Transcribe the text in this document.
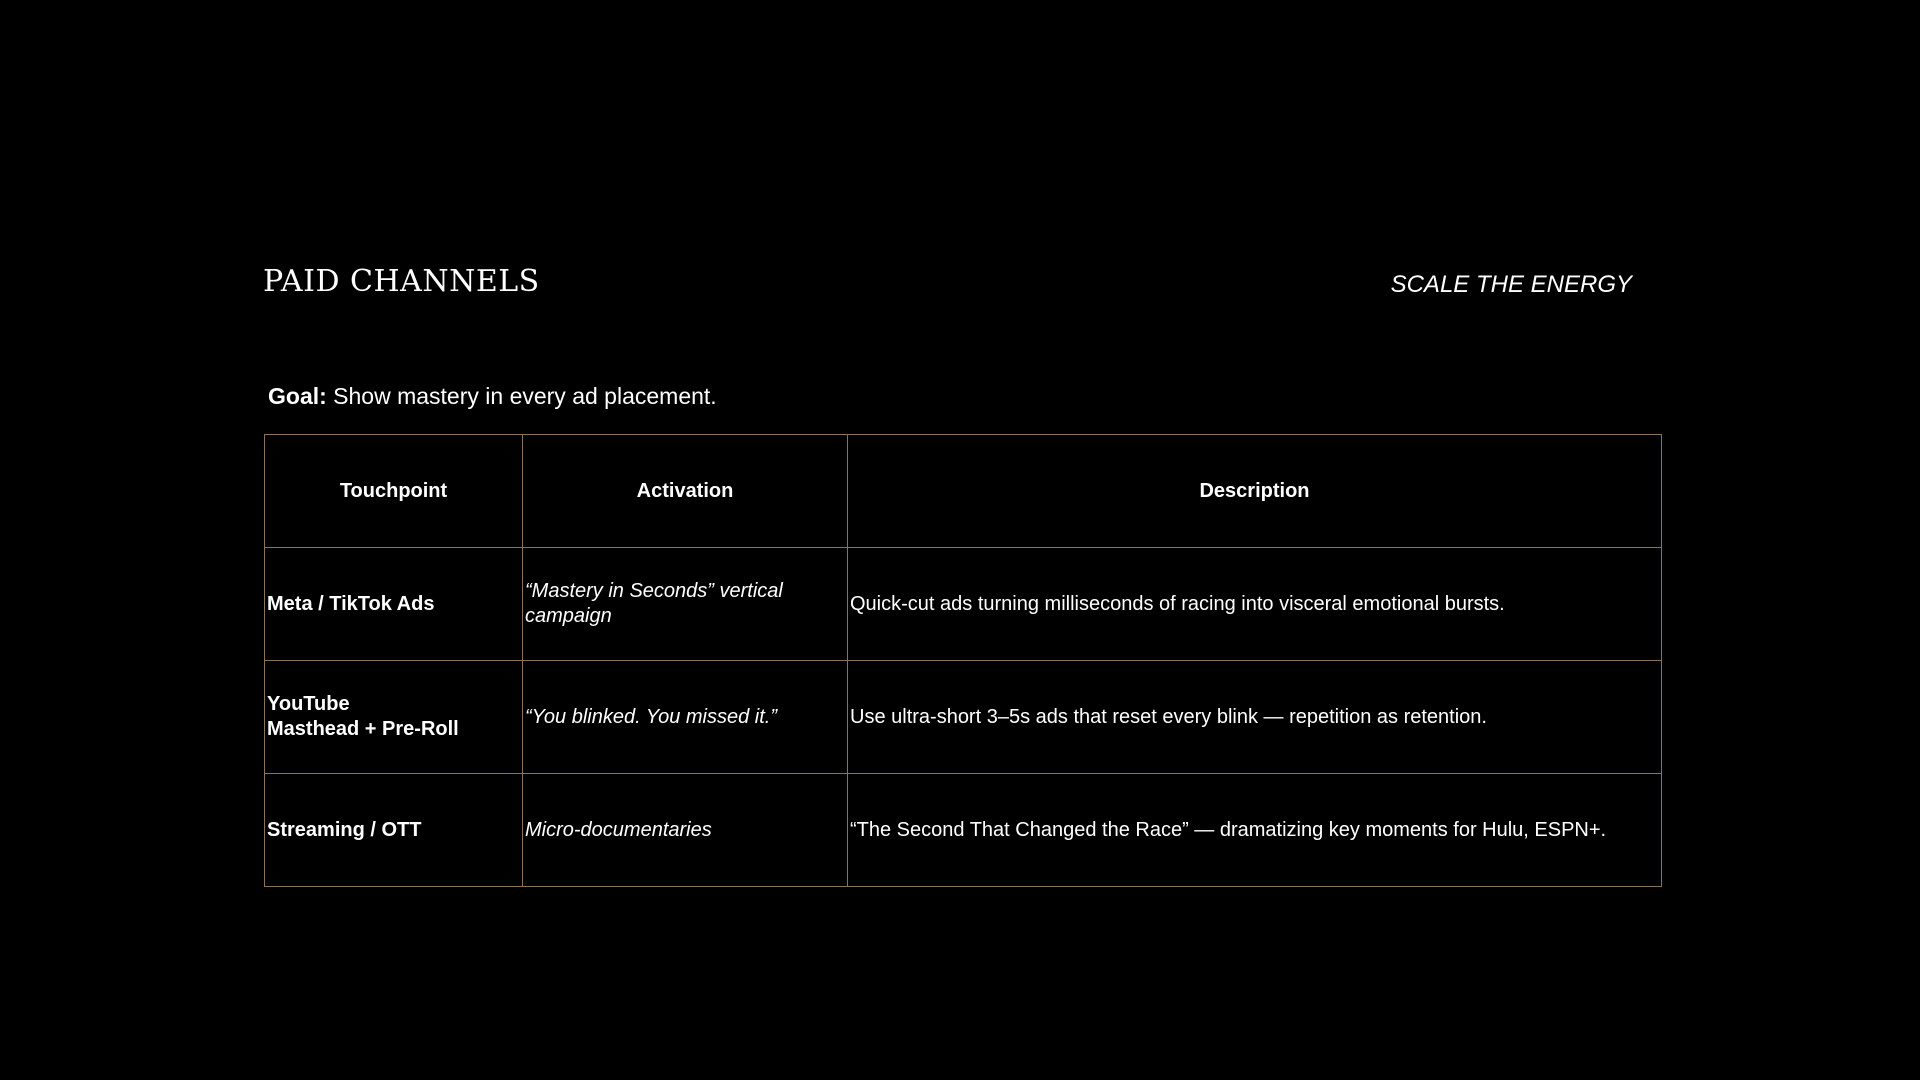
PAID CHANNELS	SCALE THE ENERGY
Goal: Show mastery in every ad placement.
Touchpoint	Activation	Description
Meta / TikTok Ads	“Mastery in Seconds” vertical campaign	Quick-cut ads turning milliseconds of racing into visceral emotional bursts.
YouTube
Masthead + Pre-Roll	“You blinked. You missed it.”	Use ultra-short 3–5s ads that reset every blink — repetition as retention.
Streaming / OTT	Micro-documentaries	“The Second That Changed the Race” — dramatizing key moments for Hulu, ESPN+.
